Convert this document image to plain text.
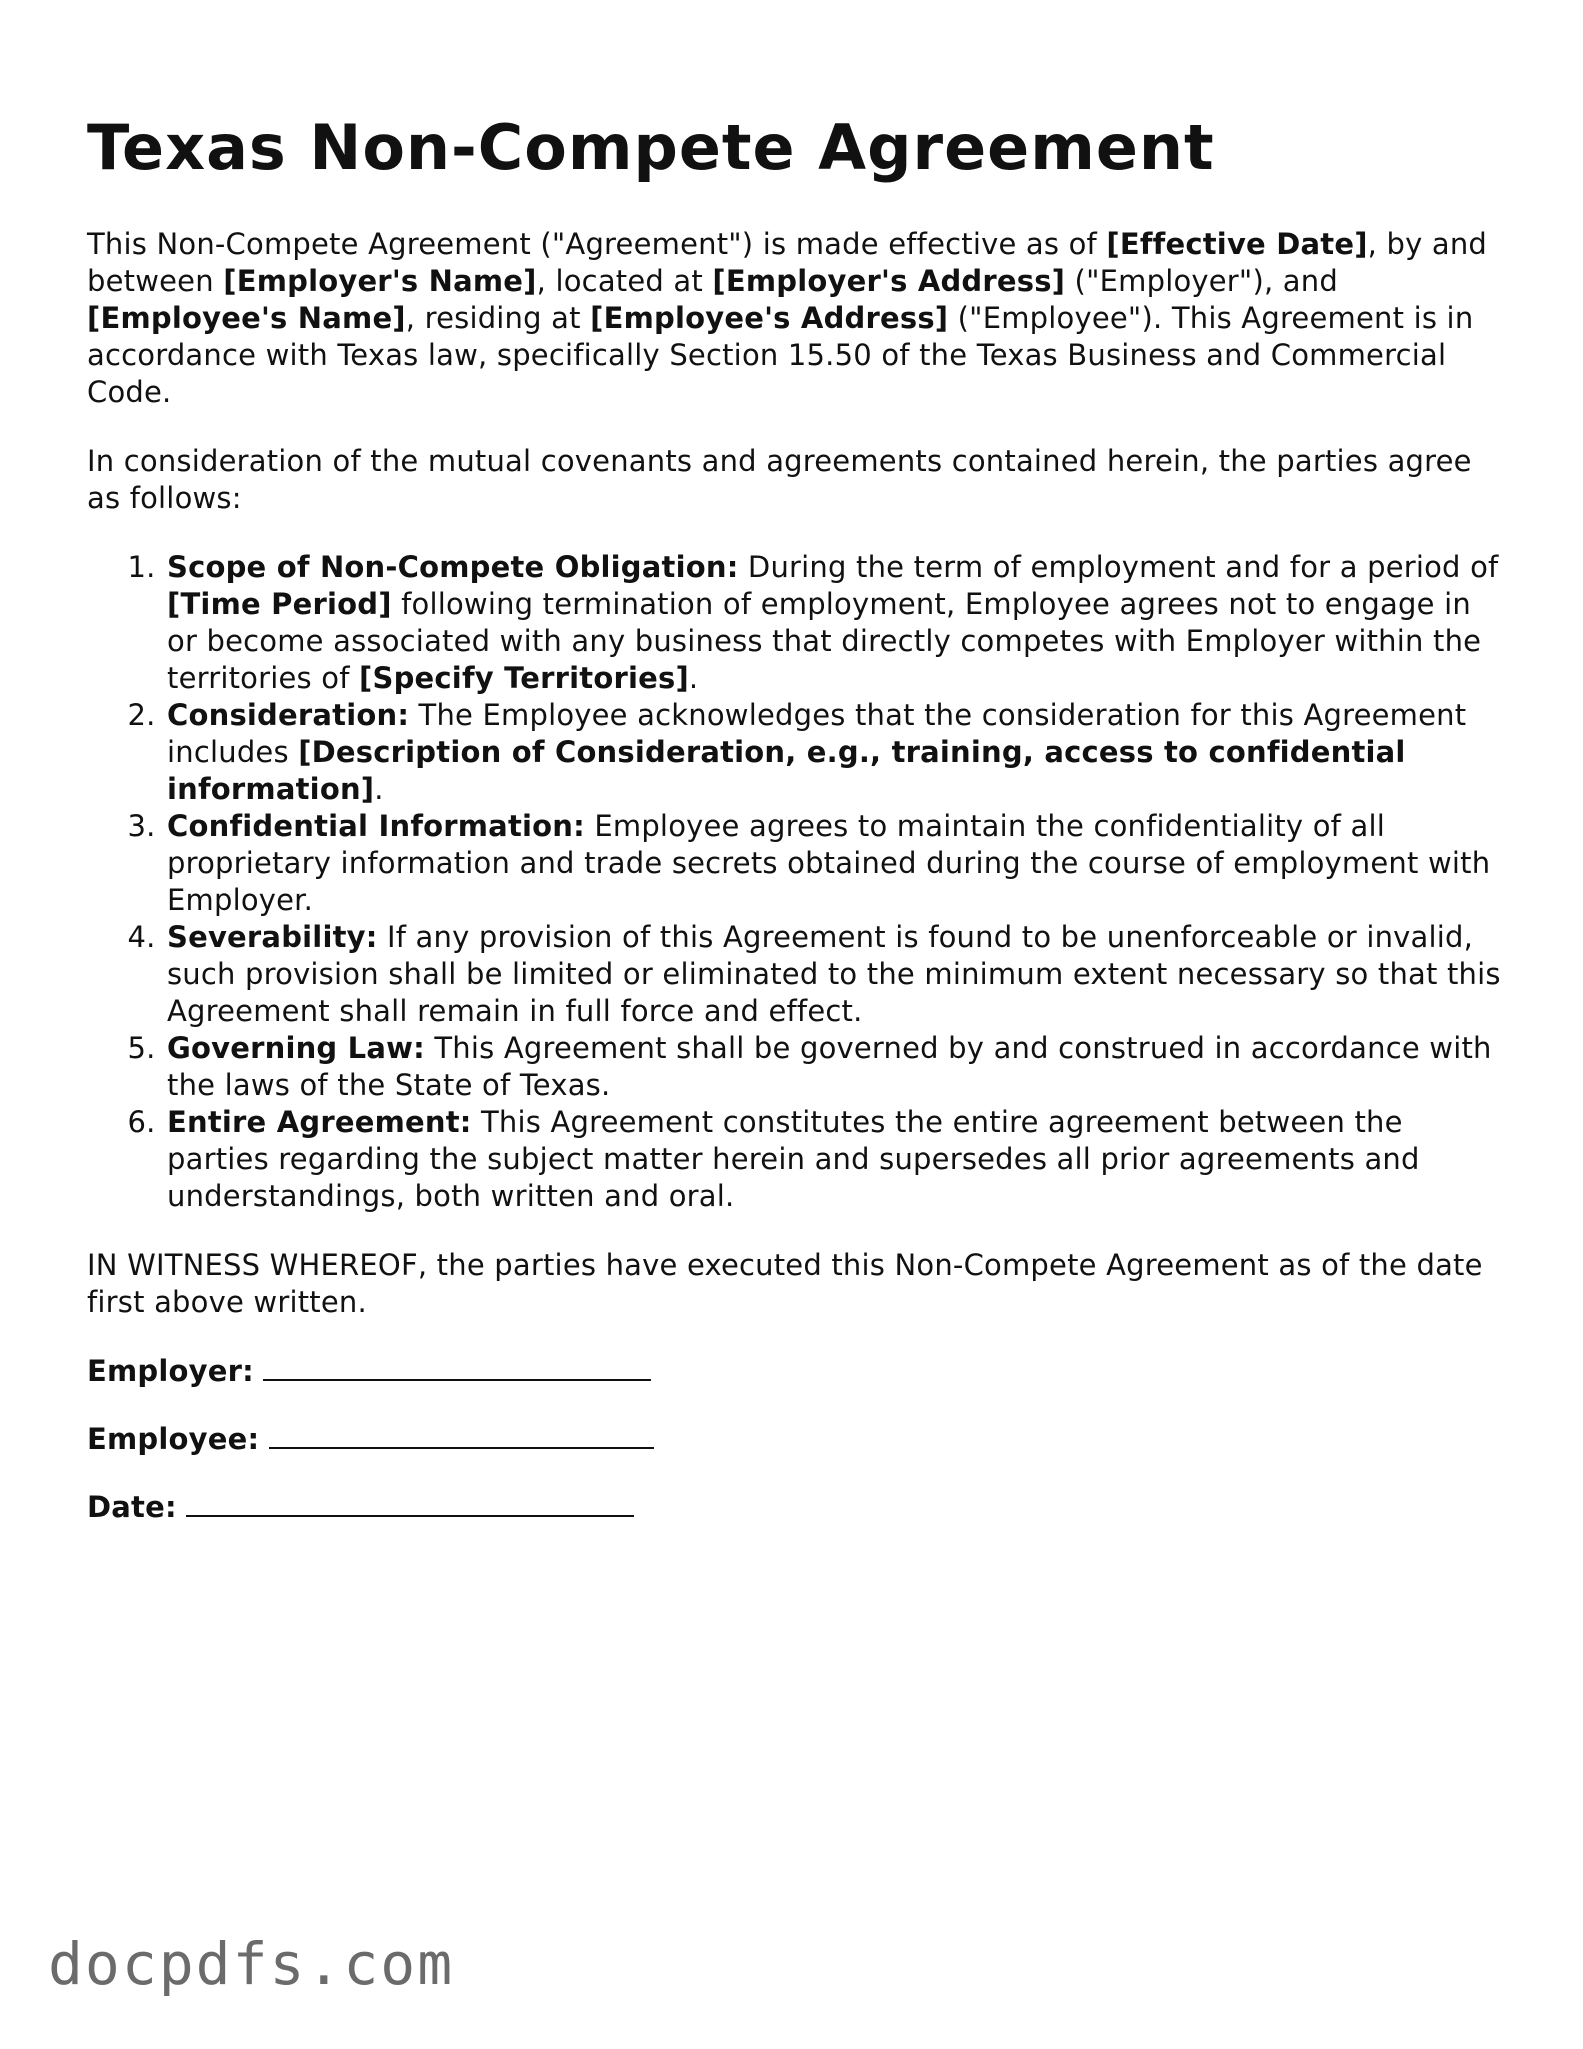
Texas Non-Compete Agreement

This Non-Compete Agreement ("Agreement") is made effective as of [Effective Date], by and between [Employer's Name], located at [Employer's Address] ("Employer"), and [Employee's Name], residing at [Employee's Address] ("Employee"). This Agreement is in accordance with Texas law, specifically Section 15.50 of the Texas Business and Commercial Code.

In consideration of the mutual covenants and agreements contained herein, the parties agree as follows:

1. Scope of Non-Compete Obligation: During the term of employment and for a period of [Time Period] following termination of employment, Employee agrees not to engage in or become associated with any business that directly competes with Employer within the territories of [Specify Territories].
2. Consideration: The Employee acknowledges that the consideration for this Agreement includes [Description of Consideration, e.g., training, access to confidential information].
3. Confidential Information: Employee agrees to maintain the confidentiality of all proprietary information and trade secrets obtained during the course of employment with Employer.
4. Severability: If any provision of this Agreement is found to be unenforceable or invalid, such provision shall be limited or eliminated to the minimum extent necessary so that this Agreement shall remain in full force and effect.
5. Governing Law: This Agreement shall be governed by and construed in accordance with the laws of the State of Texas.
6. Entire Agreement: This Agreement constitutes the entire agreement between the parties regarding the subject matter herein and supersedes all prior agreements and understandings, both written and oral.

IN WITNESS WHEREOF, the parties have executed this Non-Compete Agreement as of the date first above written.

Employer:
Employee:
Date:
docpdfs.com
